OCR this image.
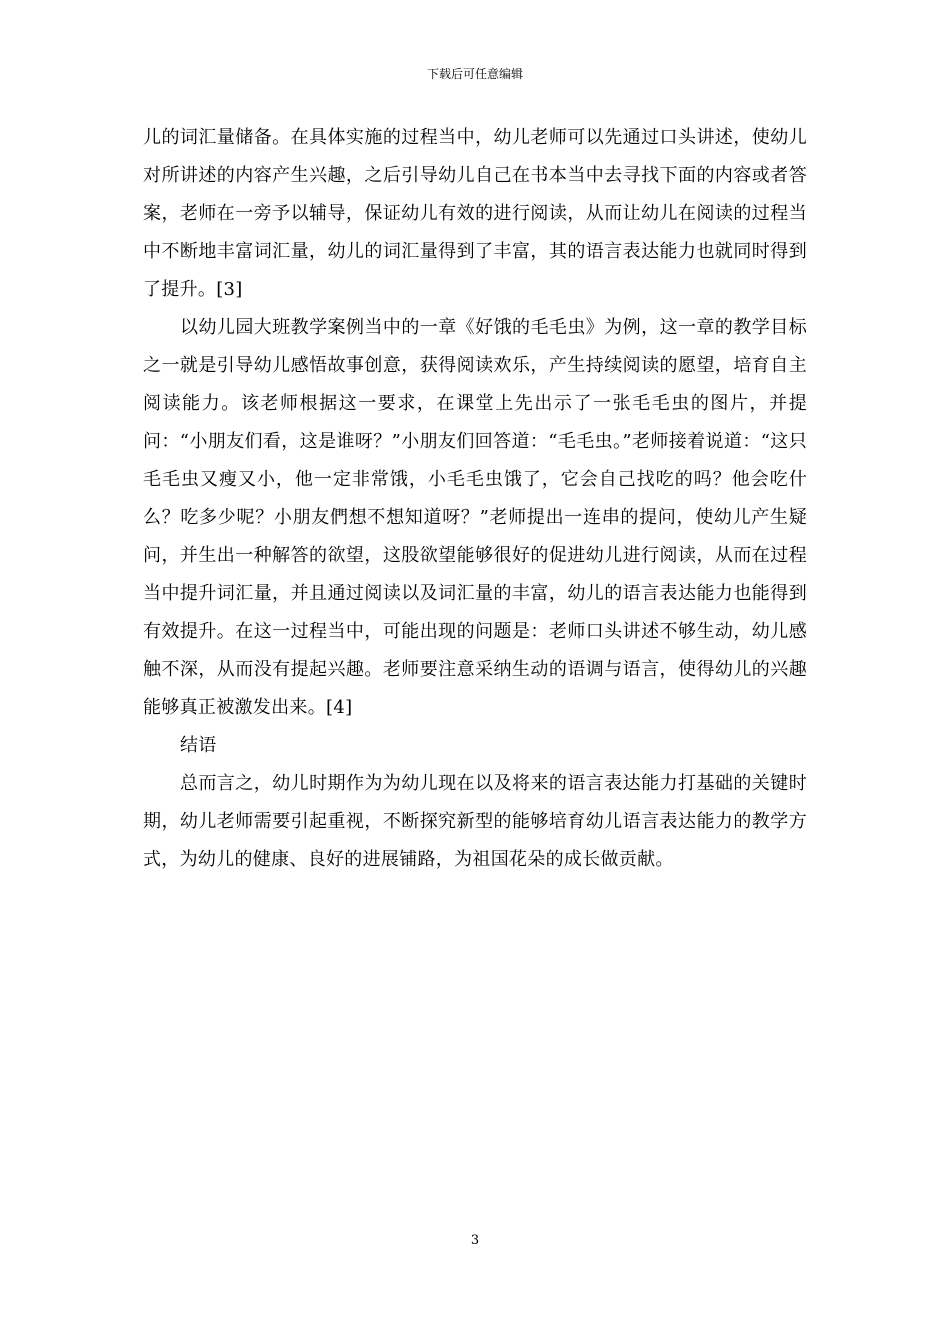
下载后可任意编辑

儿的词汇量储备。在具体实施的过程当中，幼儿老师可以先通过口头讲述，使幼儿对所讲述的内容产生兴趣，之后引导幼儿自己在书本当中去寻找下面的内容或者答案，老师在一旁予以辅导，保证幼儿有效的进行阅读，从而让幼儿在阅读的过程当中不断地丰富词汇量，幼儿的词汇量得到了丰富，其的语言表达能力也就同时得到了提升。[3]

以幼儿园大班教学案例当中的一章《好饿的毛毛虫》为例，这一章的教学目标之一就是引导幼儿感悟故事创意，获得阅读欢乐，产生持续阅读的愿望，培育自主阅读能力。该老师根据这一要求，在课堂上先出示了一张毛毛虫的图片，并提问：“小朋友们看，这是谁呀？”小朋友们回答道：“毛毛虫。”老师接着说道：“这只毛毛虫又瘦又小，他一定非常饿，小毛毛虫饿了，它会自己找吃的吗？他会吃什么？吃多少呢？小朋友們想不想知道呀？”老师提出一连串的提问，使幼儿产生疑问，并生出一种解答的欲望，这股欲望能够很好的促进幼儿进行阅读，从而在过程当中提升词汇量，并且通过阅读以及词汇量的丰富，幼儿的语言表达能力也能得到有效提升。在这一过程当中，可能出现的问题是：老师口头讲述不够生动，幼儿感触不深，从而没有提起兴趣。老师要注意采纳生动的语调与语言，使得幼儿的兴趣能够真正被激发出来。[4]

结语

总而言之，幼儿时期作为为幼儿现在以及将来的语言表达能力打基础的关键时期，幼儿老师需要引起重视，不断探究新型的能够培育幼儿语言表达能力的教学方式，为幼儿的健康、良好的进展铺路，为祖国花朵的成长做贡献。

3
